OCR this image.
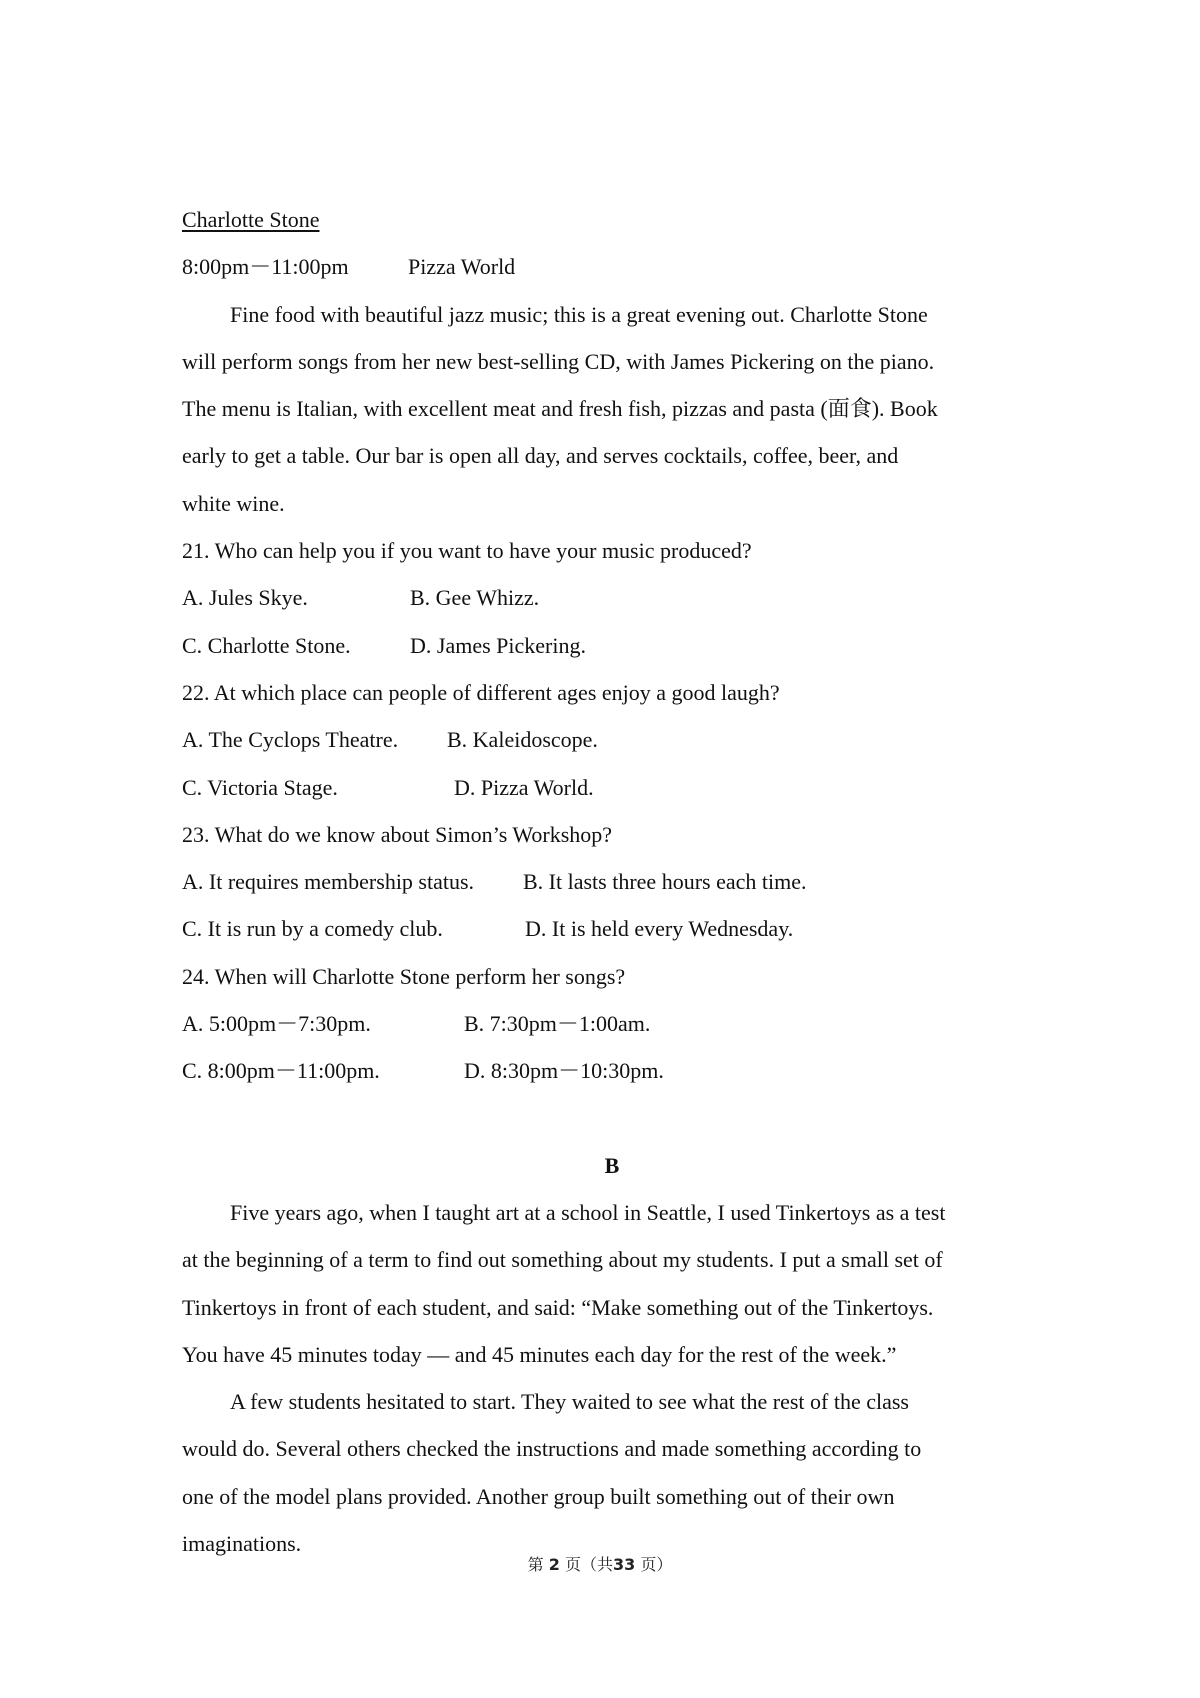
Charlotte Stone
8:00pm－11:00pm	Pizza World
Fine food with beautiful jazz music; this is a great evening out. Charlotte Stone
will perform songs from her new best-selling CD, with James Pickering on the piano.
The menu is Italian, with excellent meat and fresh fish, pizzas and pasta (面食). Book
early to get a table. Our bar is open all day, and serves cocktails, coffee, beer, and
white wine.
21. Who can help you if you want to have your music produced?
A. Jules Skye.	B. Gee Whizz.
C. Charlotte Stone.	D. James Pickering.
22. At which place can people of different ages enjoy a good laugh?
A. The Cyclops Theatre.	B. Kaleidoscope.
C. Victoria Stage.	D. Pizza World.
23. What do we know about Simon’s Workshop?
A. It requires membership status.	B. It lasts three hours each time.
C. It is run by a comedy club.	D. It is held every Wednesday.
24. When will Charlotte Stone perform her songs?
A. 5:00pm－7:30pm.	B. 7:30pm－1:00am.
C. 8:00pm－11:00pm.	D. 8:30pm－10:30pm.
B
Five years ago, when I taught art at a school in Seattle, I used Tinkertoys as a test
at the beginning of a term to find out something about my students. I put a small set of
Tinkertoys in front of each student, and said: “Make something out of the Tinkertoys.
You have 45 minutes today ― and 45 minutes each day for the rest of the week.”
A few students hesitated to start. They waited to see what the rest of the class
would do. Several others checked the instructions and made something according to
one of the model plans provided. Another group built something out of their own
imaginations.
第 2 页（共33 页）
